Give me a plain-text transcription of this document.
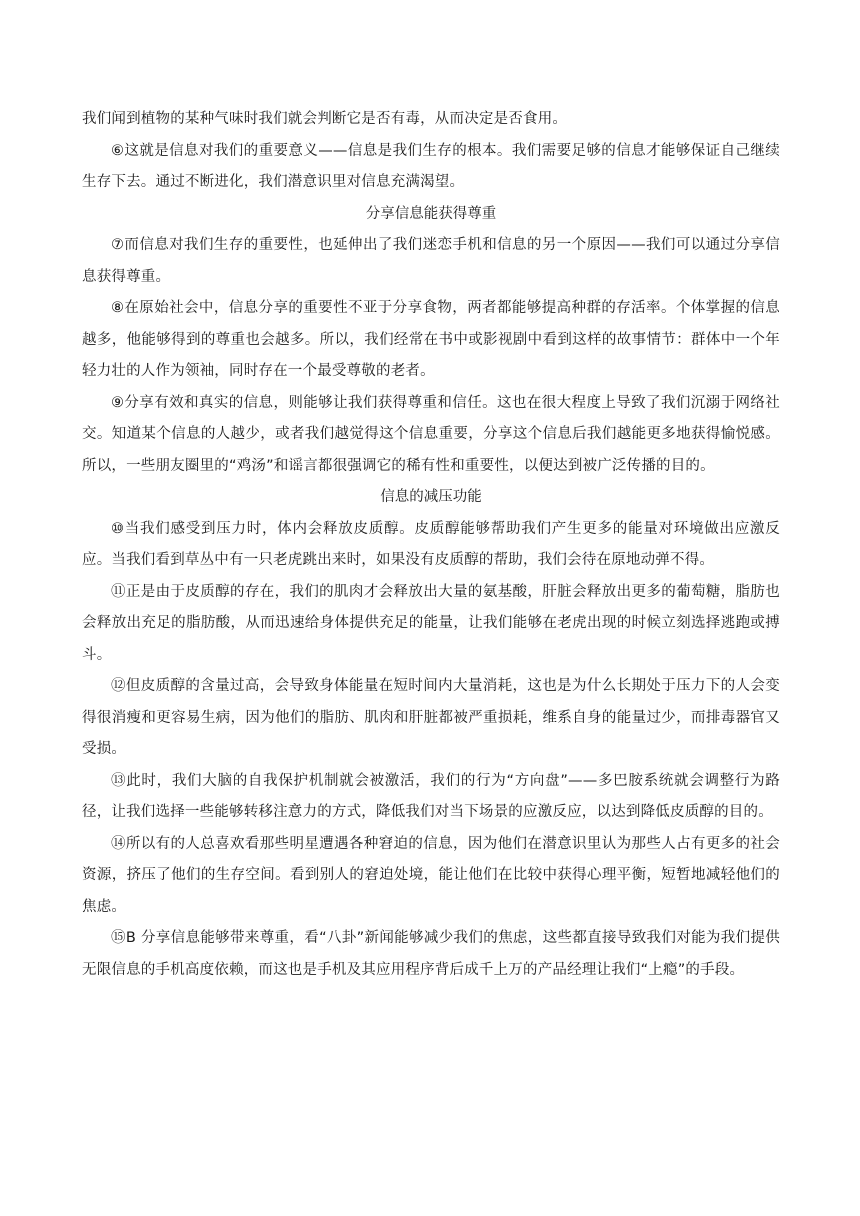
我们闻到植物的某种气味时我们就会判断它是否有毒，从而决定是否食用。

⑥这就是信息对我们的重要意义——信息是我们生存的根本。我们需要足够的信息才能够保证自己继续生存下去。通过不断进化，我们潜意识里对信息充满渴望。

分享信息能获得尊重

⑦而信息对我们生存的重要性，也延伸出了我们迷恋手机和信息的另一个原因——我们可以通过分享信息获得尊重。

⑧在原始社会中，信息分享的重要性不亚于分享食物，两者都能够提高种群的存活率。个体掌握的信息越多，他能够得到的尊重也会越多。所以，我们经常在书中或影视剧中看到这样的故事情节：群体中一个年轻力壮的人作为领袖，同时存在一个最受尊敬的老者。

⑨分享有效和真实的信息，则能够让我们获得尊重和信任。这也在很大程度上导致了我们沉溺于网络社交。知道某个信息的人越少，或者我们越觉得这个信息重要，分享这个信息后我们越能更多地获得愉悦感。所以，一些朋友圈里的“鸡汤”和谣言都很强调它的稀有性和重要性，以便达到被广泛传播的目的。

信息的减压功能

⑩当我们感受到压力时，体内会释放皮质醇。皮质醇能够帮助我们产生更多的能量对环境做出应激反应。当我们看到草丛中有一只老虎跳出来时，如果没有皮质醇的帮助，我们会待在原地动弹不得。

⑪正是由于皮质醇的存在，我们的肌肉才会释放出大量的氨基酸，肝脏会释放出更多的葡萄糖，脂肪也会释放出充足的脂肪酸，从而迅速给身体提供充足的能量，让我们能够在老虎出现的时候立刻选择逃跑或搏斗。

⑫但皮质醇的含量过高，会导致身体能量在短时间内大量消耗，这也是为什么长期处于压力下的人会变得很消瘦和更容易生病，因为他们的脂肪、肌肉和肝脏都被严重损耗，维系自身的能量过少，而排毒器官又受损。

⑬此时，我们大脑的自我保护机制就会被激活，我们的行为“方向盘”——多巴胺系统就会调整行为路径，让我们选择一些能够转移注意力的方式，降低我们对当下场景的应激反应，以达到降低皮质醇的目的。

⑭所以有的人总喜欢看那些明星遭遇各种窘迫的信息，因为他们在潜意识里认为那些人占有更多的社会资源，挤压了他们的生存空间。看到别人的窘迫处境，能让他们在比较中获得心理平衡，短暂地减轻他们的焦虑。

⑮B 分享信息能够带来尊重，看“八卦”新闻能够减少我们的焦虑，这些都直接导致我们对能为我们提供无限信息的手机高度依赖，而这也是手机及其应用程序背后成千上万的产品经理让我们“上瘾”的手段。
